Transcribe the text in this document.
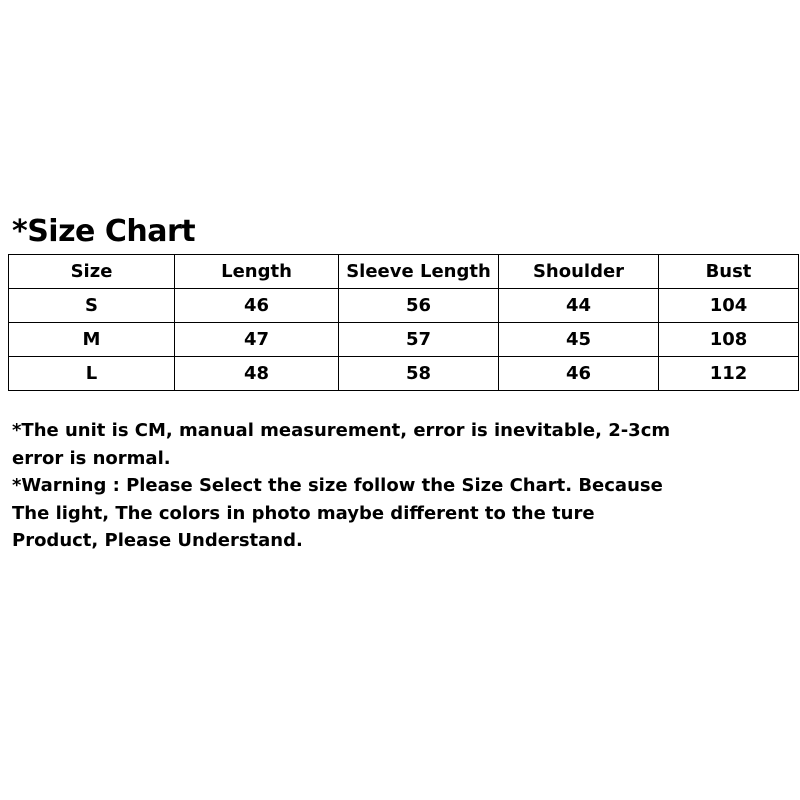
*Size Chart
Size	Length	Sleeve Length	Shoulder	Bust
S	46	56	44	104
M	47	57	45	108
L	48	58	46	112

*The unit is CM, manual measurement, error is inevitable, 2-3cm error is normal.

*Warning : Please Select the size follow the Size Chart. Because The light, The colors in photo maybe different to the ture Product, Please Understand.
